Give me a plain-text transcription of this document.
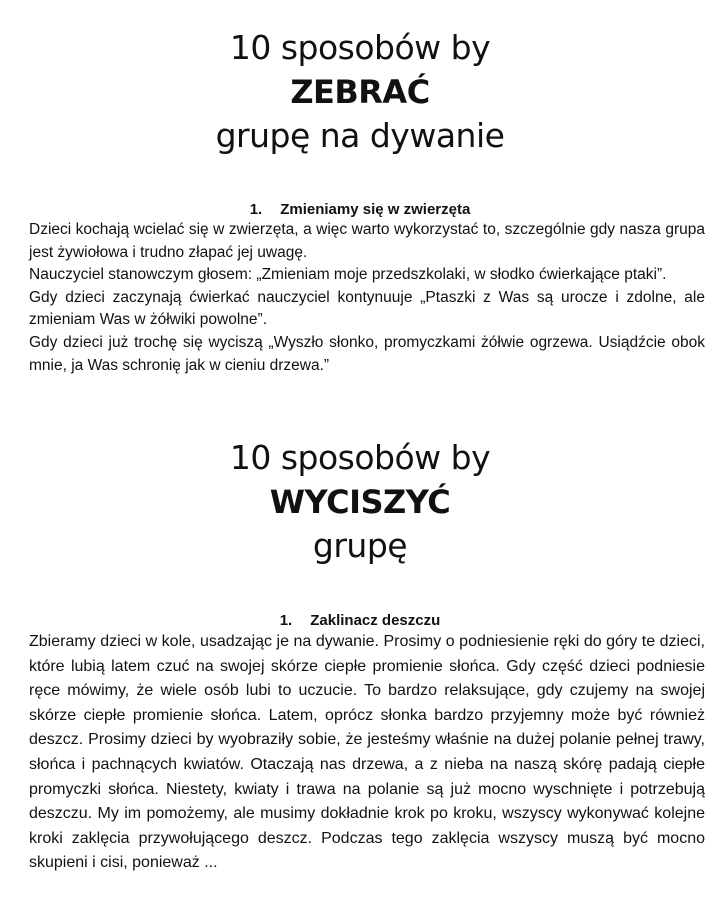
10 sposobów by
ZEBRAĆ
grupę na dywanie
1. Zmieniamy się w zwierzęta

Dzieci kochają wcielać się w zwierzęta, a więc warto wykorzystać to, szczególnie gdy nasza grupa jest żywiołowa i trudno złapać jej uwagę.

Nauczyciel stanowczym głosem: „Zmieniam moje przedszkolaki, w słodko ćwierkające ptaki”.

Gdy dzieci zaczynają ćwierkać nauczyciel kontynuuje „Ptaszki z Was są urocze i zdolne, ale zmieniam Was w żółwiki powolne”.

Gdy dzieci już trochę się wyciszą „Wyszło słonko, promyczkami żółwie ogrzewa. Usiądźcie obok mnie, ja Was schronię jak w cieniu drzewa.”

10 sposobów by
WYCISZYĆ
grupę
1. Zaklinacz deszczu

Zbieramy dzieci w kole, usadzając je na dywanie. Prosimy o podniesienie ręki do góry te dzieci, które lubią latem czuć na swojej skórze ciepłe promienie słońca. Gdy część dzieci podniesie ręce mówimy, że wiele osób lubi to uczucie. To bardzo relaksujące, gdy czujemy na swojej skórze ciepłe promienie słońca. Latem, oprócz słonka bardzo przyjemny może być również deszcz. Prosimy dzieci by wyobraziły sobie, że jesteśmy właśnie na dużej polanie pełnej trawy, słońca i pachnących kwiatów. Otaczają nas drzewa, a z nieba na naszą skórę padają ciepłe promyczki słońca. Niestety, kwiaty i trawa na polanie są już mocno wyschnięte i potrzebują deszczu. My im pomożemy, ale musimy dokładnie krok po kroku, wszyscy wykonywać kolejne kroki zaklęcia przywołującego deszcz. Podczas tego zaklęcia wszyscy muszą być mocno skupieni i cisi, ponieważ ...
